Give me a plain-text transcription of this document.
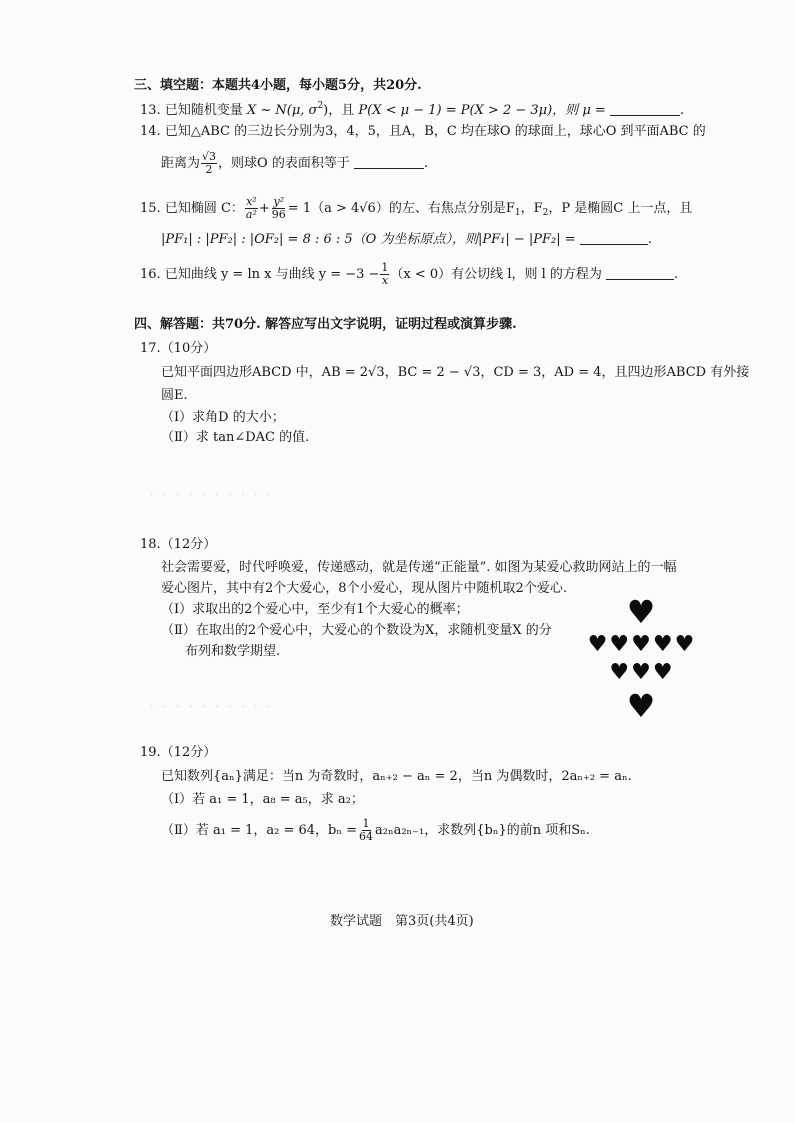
· · · · · · · · · ·
· · · · · · · · · ·
三、填空题：本题共4小题，每小题5分，共20分.
13. 已知随机变量 X ~ N(μ, $\sigma^2$)，且 P(X < μ − 1) = P(X > 2 − 3μ)，则 μ =	.
14. 已知△ABC 的三边长分别为3，4，5，且A，B，C 均在球O 的球面上，球心O 到平面ABC 的
距离为 $\frac{√3}{2}$ ，则球O 的表面积等于	.
15. 已知椭圆 C： $\frac{\text{x²}}{\text{a²}} + \frac{\text{y²}}{96} = 1(a > 4√6)$的左、右焦点分别是$F_1$，$F_2$，P 是椭圆C 上一点，且
|PF₁| : |PF₂| : |OF₂| = 8 : 6 : 5（O 为坐标原点），则|PF₁| − |PF₂| =	.
16. 已知曲线 y = ln x 与曲线 $y = -3 - \frac{1}{x} (x < 0)$有公切线 l，则 l 的方程为	.
四、解答题：共70分. 解答应写出文字说明，证明过程或演算步骤.
17.（10分）
已知平面四边形ABCD 中，AB = 2√3，BC = 2 − √3，CD = 3，AD = 4，且四边形ABCD 有外接
圆E.
（Ⅰ）求角D 的大小；
（Ⅱ）求 tan∠DAC 的值.
18.（12分）
社会需要爱，时代呼唤爱，传递感动，就是传递“正能量”. 如图为某爱心救助网站上的一幅
爱心图片，其中有2个大爱心，8个小爱心，现从图片中随机取2个爱心.
（Ⅰ）求取出的2个爱心中，至少有1个大爱心的概率；
（Ⅱ）在取出的2个爱心中，大爱心的个数设为X，求随机变量X 的分
布列和数学期望.
♥
♥ ♥ ♥ ♥ ♥
♥ ♥ ♥
♥
19.（12分）
已知数列{aₙ}满足：当n 为奇数时，aₙ₊₂ − aₙ = 2，当n 为偶数时，2aₙ₊₂ = aₙ.
（Ⅰ）若 a₁ = 1，a₈ = a₅，求 a₂；
（Ⅱ）若 a₁ = 1，a₂ = 64，$b_n = \frac{1}{64} a_{2n}a_{2n-1}$，求数列{bₙ}的前n 项和Sₙ.
数学试题　第3页(共4页)
